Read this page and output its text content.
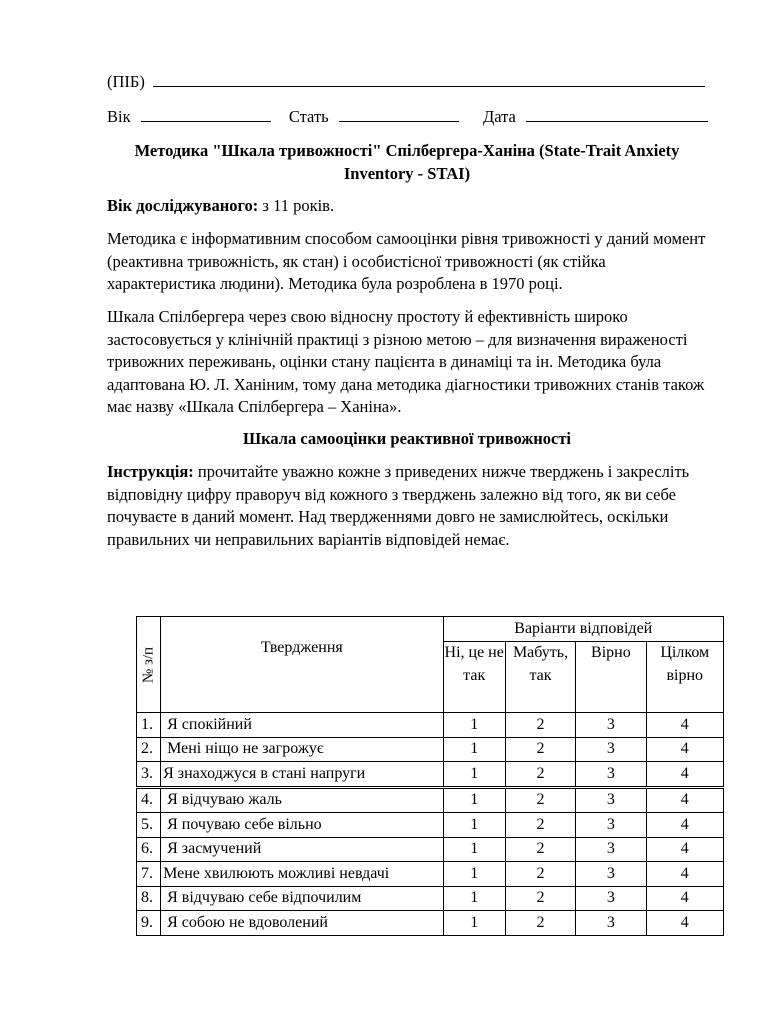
(ПІБ)
Вік	Стать	Дата
Методика "Шкала тривожності" Спілбергера-Ханіна (State-Trait Anxiety Inventory - STAI)
Вік досліджуваного: з 11 років.
Методика є інформативним способом самооцінки рівня тривожності у даний момент (реактивна тривожність, як стан) і особистісної тривожності (як стійка характеристика людини). Методика була розроблена в 1970 році.
Шкала Спілбергера через свою відносну простоту й ефективність широко застосовується у клінічній практиці з різною метою – для визначення вираженості тривожних переживань, оцінки стану пацієнта в динаміці та ін. Методика була адаптована Ю. Л. Ханіним, тому дана методика діагностики тривожних станів також має назву «Шкала Спілбергера – Ханіна».
Шкала самооцінки реактивної тривожності
Інструкція: прочитайте уважно кожне з приведених нижче тверджень і закресліть відповідну цифру праворуч від кожного з тверджень залежно від того, як ви себе почуваєте в даний момент. Над твердженнями довго не замислюйтесь, оскільки правильних чи неправильних варіантів відповідей немає.
№ з/п	Твердження	Варіанти відповідей			
		Ні, це не так	Мабуть, так	Вірно	Цілком вірно
1.	Я спокійний	1	2	3	4
2.	Мені ніщо не загрожує	1	2	3	4
3.	Я знаходжуся в стані напруги	1	2	3	4
4.	Я відчуваю жаль	1	2	3	4
5.	Я почуваю себе вільно	1	2	3	4
6.	Я засмучений	1	2	3	4
7.	Мене хвилюють можливі невдачі	1	2	3	4
8.	Я відчуваю себе відпочилим	1	2	3	4
9.	Я собою не вдоволений	1	2	3	4
